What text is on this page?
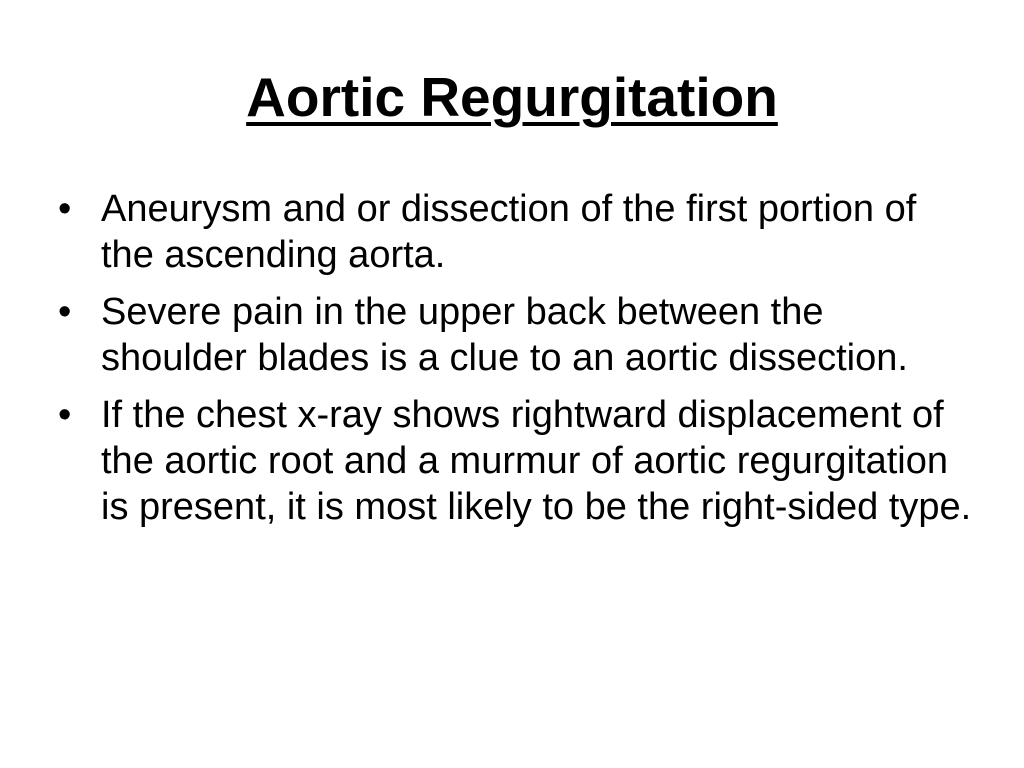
Aortic Regurgitation
• Aneurysm and or dissection of the first portion of the ascending aorta.
• Severe pain in the upper back between the shoulder blades is a clue to an aortic dissection.
• If the chest x-ray shows rightward displacement of the aortic root and a murmur of aortic regurgitation is present, it is most likely to be the right-sided type.
